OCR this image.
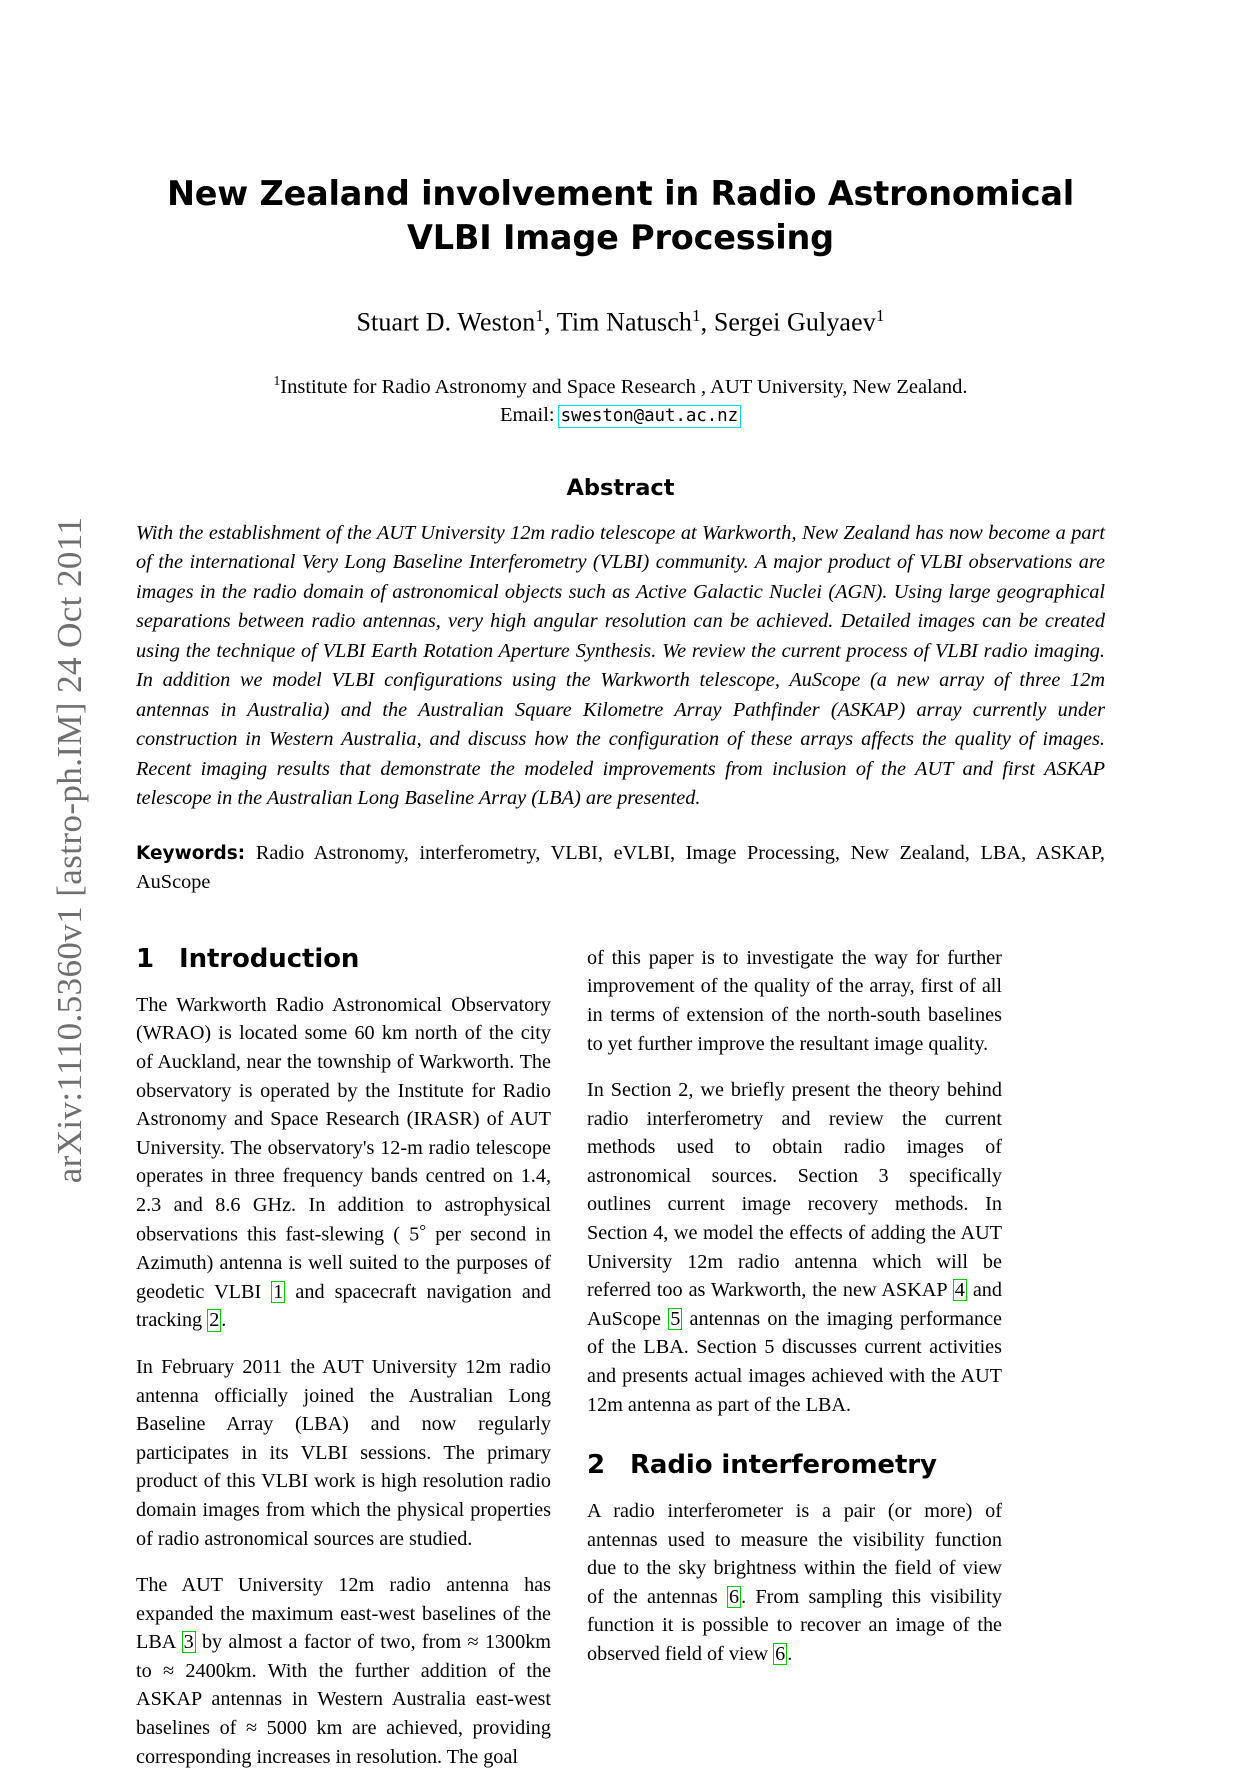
arXiv:1110.5360v1 [astro-ph.IM] 24 Oct 2011
New Zealand involvement in Radio Astronomical VLBI Image Processing
Stuart D. Weston$^1$, Tim Natusch$^1$, Sergei Gulyaev$^1$
$^1$Institute for Radio Astronomy and Space Research , AUT University, New Zealand.
Email: sweston@aut.ac.nz
Abstract
With the establishment of the AUT University 12m radio telescope at Warkworth, New Zealand has now become a part of the international Very Long Baseline Interferometry (VLBI) community. A major product of VLBI observations are images in the radio domain of astronomical objects such as Active Galactic Nuclei (AGN). Using large geographical separations between radio antennas, very high angular resolution can be achieved. Detailed images can be created using the technique of VLBI Earth Rotation Aperture Synthesis. We review the current process of VLBI radio imaging. In addition we model VLBI configurations using the Warkworth telescope, AuScope (a new array of three 12m antennas in Australia) and the Australian Square Kilometre Array Pathfinder (ASKAP) array currently under construction in Western Australia, and discuss how the configuration of these arrays affects the quality of images. Recent imaging results that demonstrate the modeled improvements from inclusion of the AUT and first ASKAP telescope in the Australian Long Baseline Array (LBA) are presented.
Keywords: Radio Astronomy, interferometry, VLBI, eVLBI, Image Processing, New Zealand, LBA, ASKAP, AuScope
1 Introduction

The Warkworth Radio Astronomical Observatory (WRAO) is located some 60 km north of the city of Auckland, near the township of Warkworth. The observatory is operated by the Institute for Radio Astronomy and Space Research (IRASR) of AUT University. The observatory's 12-m radio telescope operates in three frequency bands centred on 1.4, 2.3 and 8.6 GHz. In addition to astrophysical observations this fast-slewing ( 5° per second in Azimuth) antenna is well suited to the purposes of geodetic VLBI 1 and spacecraft navigation and tracking 2.

In February 2011 the AUT University 12m radio antenna officially joined the Australian Long Baseline Array (LBA) and now regularly participates in its VLBI sessions. The primary product of this VLBI work is high resolution radio domain images from which the physical properties of radio astronomical sources are studied.

The AUT University 12m radio antenna has expanded the maximum east-west baselines of the LBA 3 by almost a factor of two, from ≈ 1300km to ≈ 2400km. With the further addition of the ASKAP antennas in Western Australia east-west baselines of ≈ 5000 km are achieved, providing corresponding increases in resolution. The goal

of this paper is to investigate the way for further improvement of the quality of the array, first of all in terms of extension of the north-south baselines to yet further improve the resultant image quality.

In Section 2, we briefly present the theory behind radio interferometry and review the current methods used to obtain radio images of astronomical sources. Section 3 specifically outlines current image recovery methods. In Section 4, we model the effects of adding the AUT University 12m radio antenna which will be referred too as Warkworth, the new ASKAP 4 and AuScope 5 antennas on the imaging performance of the LBA. Section 5 discusses current activities and presents actual images achieved with the AUT 12m antenna as part of the LBA.

2 Radio interferometry

A radio interferometer is a pair (or more) of antennas used to measure the visibility function due to the sky brightness within the field of view of the antennas 6. From sampling this visibility function it is possible to recover an image of the observed field of view 6.
